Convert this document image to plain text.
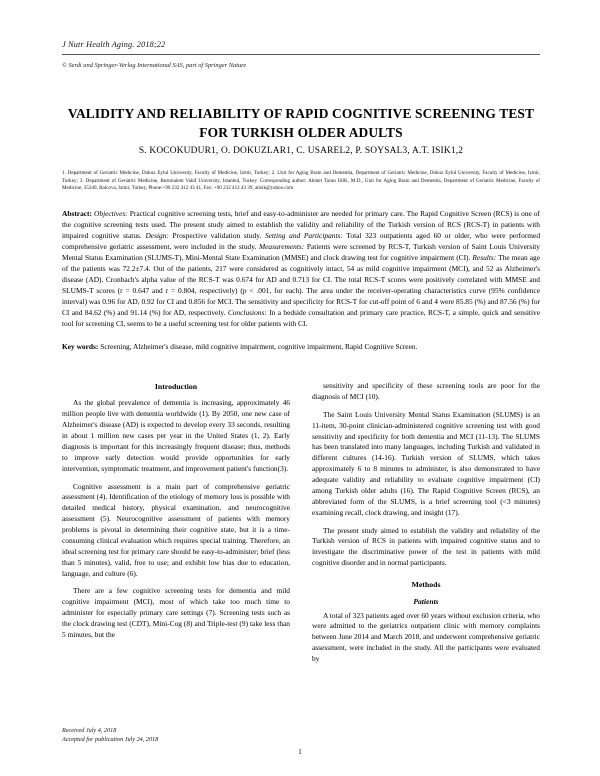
J Nutr Health Aging. 2018;22
© Serdi and Springer-Verlag International SAS, part of Springer Nature
VALIDITY AND RELIABILITY OF RAPID COGNITIVE SCREENING TEST FOR TURKISH OLDER ADULTS
S. KOCOKUDUR1, O. DOKUZLAR1, C. USAREL2, P. SOYSAL3, A.T. ISIK1,2
1. Department of Geriatric Medicine, Dokuz Eylul University, Faculty of Medicine, Izmir, Turkey; 2. Unit for Aging Brain and Dementia, Department of Geriatric Medicine, Dokuz Eylul University, Faculty of Medicine, Izmir, Turkey; 3. Department of Geriatric Medicine, Bezmialem Vakif University, Istanbul, Turkey. Corresponding author: Ahmet Turan ISIK, M.D., Unit for Aging Brain and Dementia, Department of Geriatric Medicine, Faculty of Medicine, 35340, Balcova, Izmir, Turkey, Phone:+90 232 412 43 41, Fax: +90 232 412 43 39, atisik@yahoo.com
Abstract: Objectives: Practical cognitive screening tests, brief and easy-to-administer are needed for primary care. The Rapid Cognitive Screen (RCS) is one of the cognitive screening tests used. The present study aimed to establish the validity and reliability of the Turkish version of RCS (RCS-T) in patients with impaired cognitive status. Design: Prospective validation study. Setting and Participants: Total 323 outpatients aged 60 or older, who were performed comprehensive geriatric assessment, were included in the study. Measurements: Patients were screened by RCS-T, Turkish version of Saint Louis University Mental Status Examination (SLUMS-T), Mini-Mental State Examination (MMSE) and clock drawing test for cognitive impairment (CI). Results: The mean age of the patients was 72.2±7.4. Out of the patients, 217 were considered as cognitively intact, 54 as mild cognitive impairment (MCI), and 52 as Alzheimer's disease (AD). Cronbach's alpha value of the RCS-T was 0.674 for AD and 0.713 for CI. The total RCS-T scores were positively correlated with MMSE and SLUMS-T scores (r = 0.647 and r = 0.804, respectively) (p < .001, for each). The area under the receiver-operating characteristics curve (95% confidence interval) was 0.96 for AD, 0.92 for CI and 0.856 for MCI. The sensitivity and specificity for RCS-T for cut-off point of 6 and 4 were 85.85 (%) and 87.56 (%) for CI and 84.62 (%) and 91.14 (%) for AD, respectively. Conclusions: In a bedside consultation and primary care practice, RCS-T, a simple, quick and sensitive tool for screening CI, seems to be a useful screening test for older patients with CI.
Key words: Screening, Alzheimer's disease, mild cognitive impairment, cognitive impairment, Rapid Cognitive Screen.
Introduction

As the global prevalence of dementia is increasing, approximately 46 million people live with dementia worldwide (1). By 2050, one new case of Alzheimer's disease (AD) is expected to develop every 33 seconds, resulting in about 1 million new cases per year in the United States (1, 2). Early diagnosis is important for this increasingly frequent disease; thus, methods to improve early detection would provide opportunities for early intervention, symptomatic treatment, and improvement patient's function(3).

Cognitive assessment is a main part of comprehensive geriatric assessment (4). Identification of the etiology of memory loss is possible with detailed medical history, physical examination, and neurocognitive assessment (5). Neurocognitive assessment of patients with memory problems is pivotal in determining their cognitive state, but it is a time-consuming clinical evaluation which requires special training. Therefore, an ideal screening test for primary care should be easy-to-administer; brief (less than 5 minutes), valid, free to use; and exhibit low bias due to education, language, and culture (6).

There are a few cognitive screening tests for dementia and mild cognitive impairment (MCI), most of which take too much time to administer for especially primary care settings (7). Screening tests such as the clock drawing test (CDT), Mini-Cog (8) and Triple-test (9) take less than 5 minutes, but the

sensitivity and specificity of these screening tools are poor for the diagnosis of MCI (10).

The Saint Louis University Mental Status Examination (SLUMS) is an 11-item, 30-point clinician-administered cognitive screening test with good sensitivity and specificity for both dementia and MCI (11-13). The SLUMS has been translated into many languages, including Turkish and validated in different cultures (14-16). Turkish version of SLUMS, which takes approximately 6 to 8 minutes to administer, is also demonstrated to have adequate validity and reliability to evaluate cognitive impairment (CI) among Turkish older adults (16). The Rapid Cognitive Screen (RCS), an abbreviated form of the SLUMS, is a brief screening tool (<3 minutes) examining recall, clock drawing, and insight (17).

The present study aimed to establish the validity and reliability of the Turkish version of RCS in patients with impaired cognitive status and to investigate the discriminative power of the test in patients with mild cognitive disorder and in normal participants.

Methods
Patients

A total of 323 patients aged over 60 years without exclusion criteria, who were admitted to the geriatrics outpatient clinic with memory complaints between June 2014 and March 2018, and underwent comprehensive geriatric assessment, were included in the study. All the participants were evaluated by

Received July 4, 2018
Accepted for publication July 24, 2018
1
